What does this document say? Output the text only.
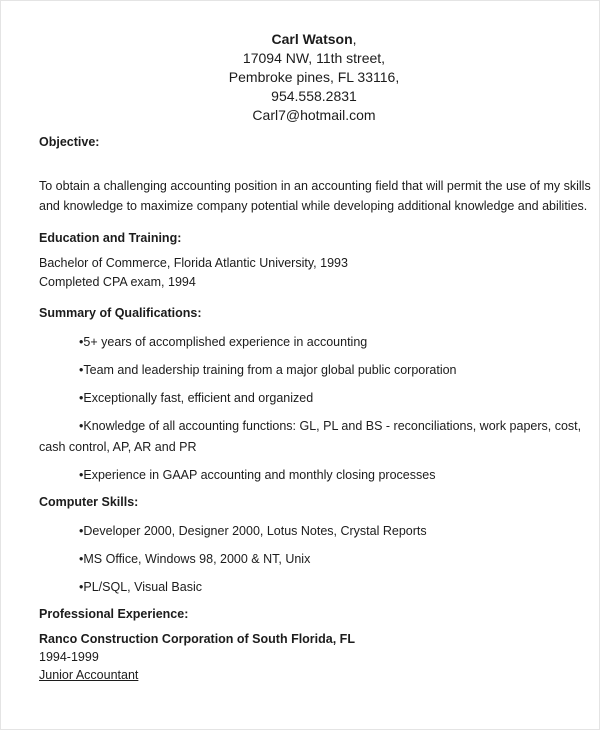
Carl Watson,
17094 NW, 11th street,
Pembroke pines, FL 33116,
954.558.2831
Carl7@hotmail.com
Objective:
To obtain a challenging accounting position in an accounting field that will permit the use of my skills
and knowledge to maximize company potential while developing additional knowledge and abilities.
Education and Training:
Bachelor of Commerce, Florida Atlantic University, 1993
Completed CPA exam, 1994
Summary of Qualifications:
•5+ years of accomplished experience in accounting
•Team and leadership training from a major global public corporation
•Exceptionally fast, efficient and organized
•Knowledge of all accounting functions: GL, PL and BS - reconciliations, work papers, cost, cash control, AP, AR and PR
•Experience in GAAP accounting and monthly closing processes
Computer Skills:
•Developer 2000, Designer 2000, Lotus Notes, Crystal Reports
•MS Office, Windows 98, 2000 & NT, Unix
•PL/SQL, Visual Basic
Professional Experience:
Ranco Construction Corporation of South Florida, FL
1994-1999
Junior Accountant
